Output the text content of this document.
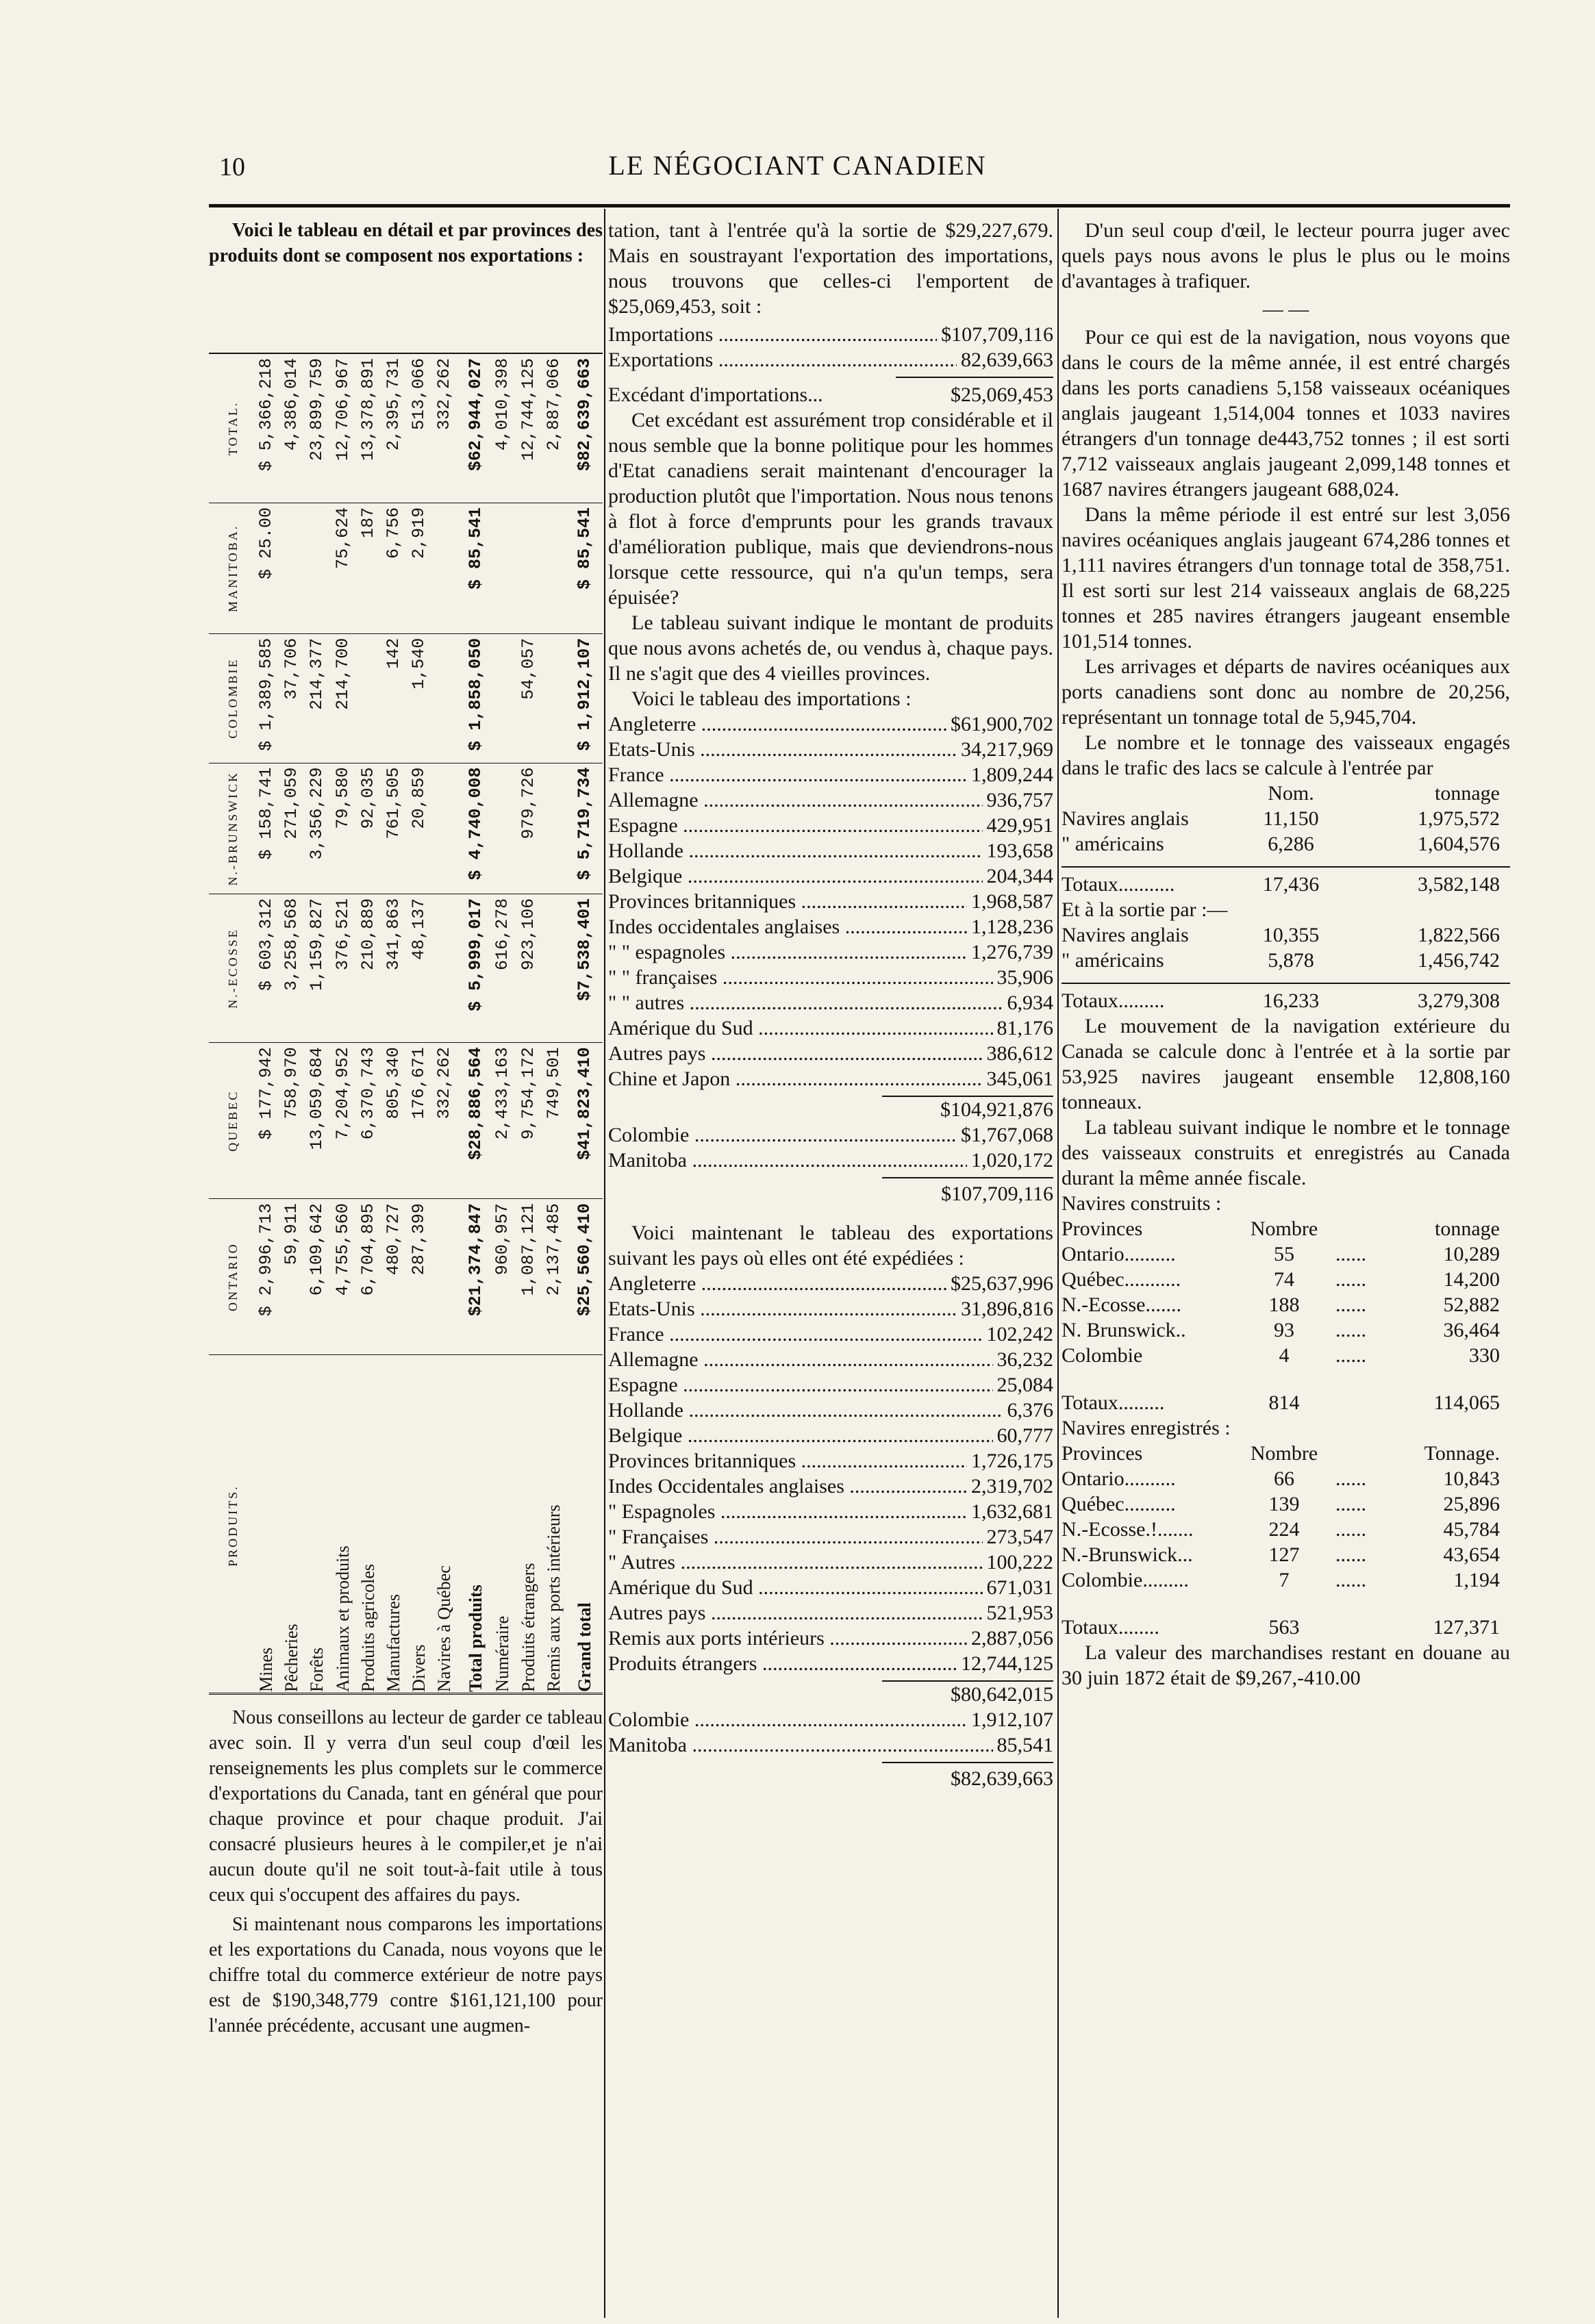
10	LE NÉGOCIANT CANADIEN

Voici le tableau en détail et par provinces des produits dont se composent nos exportations :

PRODUITS.	ONTARIO	QUEBEC	N.-ECOSSE	N.-BRUNSWICK	COLOMBIE	MANITOBA.	TOTAL.
Mines	$ 2,996,713	$ 177,942	$ 603,312	$ 158,741	$ 1,389,585	$ 25.00	$ 5,366,218
Pêcheries	59,911	758,970	3,258,568	271,059	37,706		4,386,014
Forêts	6,109,642	13,059,684	1,159,827	3,356,229	214,377		23,899,759
Animaux et produits	4,755,560	7,204,952	376,521	79,580	214,700	75,624	12,706,967
Produits agricoles	6,704,895	6,370,743	210,889	92,035		187	13,378,891
Manufactures	480,727	805,340	341,863	761,505	142	6,756	2,395,731
Divers	287,399	176,671	48,137	20,859	1,540	2,919	513,066
Navires à Québec		332,262					332,262
Total produits	$21,374,847	$28,886,564	$ 5,999,017	$ 4,740,008	$ 1,858,050	$ 85,541	$62,944,027
Numéraire	960,957	2,433,163	616,278				4,010,398
Produits étrangers	1,087,121	9,754,172	923,106	979,726	54,057		12,744,125
Remis aux ports intérieurs	2,137,485	749,501					2,887,066
Grand total	$25,560,410	$41,823,410	$7,538,401	$ 5,719,734	$ 1,912,107	$ 85,541	$82,639,663

Nous conseillons au lecteur de garder ce tableau avec soin. Il y verra d'un seul coup d'œil les renseignements les plus complets sur le commerce d'exportations du Canada, tant en général que pour chaque province et pour chaque produit. J'ai consacré plusieurs heures à le compiler,et je n'ai aucun doute qu'il ne soit tout-à-fait utile à tous ceux qui s'occupent des affaires du pays.

Si maintenant nous comparons les importations et les exportations du Canada, nous voyons que le chiffre total du commerce extérieur de notre pays est de $190,348,779 contre $161,121,100 pour l'année précédente, accusant une augmen-

tation, tant à l'entrée qu'à la sortie de $29,227,679. Mais en soustrayant l'exportation des importations, nous trouvons que celles-ci l'emportent de $25,069,453, soit :

Importations .....	$107,709,116
Exportations .....	82,639,663
Excédant d'importations...	$25,069,453

Cet excédant est assurément trop considérable et il nous semble que la bonne politique pour les hommes d'Etat canadiens serait maintenant d'encourager la production plutôt que l'importation. Nous nous tenons à flot à force d'emprunts pour les grands travaux d'amélioration publique, mais que deviendrons-nous lorsque cette ressource, qui n'a qu'un temps, sera épuisée?

Le tableau suivant indique le montant de produits que nous avons achetés de, ou vendus à, chaque pays. Il ne s'agit que des 4 vieilles provinces.

Voici le tableau des importations :

Angleterre .....	$61,900,702
Etats-Unis .....	34,217,969
France .....	1,809,244
Allemagne .....	936,757
Espagne .....	429,951
Hollande .....	193,658
Belgique .....	204,344
Provinces britanniques .....	1,968,587
Indes occidentales anglaises .....	1,128,236
" " espagnoles .....	1,276,739
" " françaises .....	35,906
" " autres .....	6,934
Amérique du Sud .....	81,176
Autres pays .....	386,612
Chine et Japon .....	345,061
$104,921,876
Colombie .....	$1,767,068
Manitoba .....	1,020,172
$107,709,116

Voici maintenant le tableau des exportations suivant les pays où elles ont été expédiées :

Angleterre .....	$25,637,996
Etats-Unis .....	31,896,816
France .....	102,242
Allemagne .....	36,232
Espagne .....	25,084
Hollande .....	6,376
Belgique .....	60,777
Provinces britanniques .....	1,726,175
Indes Occidentales anglaises .....	2,319,702
" Espagnoles .....	1,632,681
" Françaises .....	273,547
" Autres .....	100,222
Amérique du Sud .....	671,031
Autres pays .....	521,953
Remis aux ports intérieurs .....	2,887,056
Produits étrangers .....	12,744,125
$80,642,015
Colombie .....	1,912,107
Manitoba .....	85,541
$82,639,663

D'un seul coup d'œil, le lecteur pourra juger avec quels pays nous avons le plus le plus ou le moins d'avantages à trafiquer.

— —

Pour ce qui est de la navigation, nous voyons que dans le cours de la même année, il est entré chargés dans les ports canadiens 5,158 vaisseaux océaniques anglais jaugeant 1,514,004 tonnes et 1033 navires étrangers d'un tonnage de443,752 tonnes ; il est sorti 7,712 vaisseaux anglais jaugeant 2,099,148 tonnes et 1687 navires étrangers jaugeant 688,024.

Dans la même période il est entré sur lest 3,056 navires océaniques anglais jaugeant 674,286 tonnes et 1,111 navires étrangers d'un tonnage total de 358,751. Il est sorti sur lest 214 vaisseaux anglais de 68,225 tonnes et 285 navires étrangers jaugeant ensemble 101,514 tonnes.

Les arrivages et départs de navires océaniques aux ports canadiens sont donc au nombre de 20,256, représentant un tonnage total de 5,945,704.

Le nombre et le tonnage des vaisseaux engagés dans le trafic des lacs se calcule à l'entrée par

Nom.	tonnage
Navires anglais	11,150	1,975,572
" américains	6,286	1,604,576
Totaux...........	17,436	3,582,148
Et à la sortie par :—
Navires anglais	10,355	1,822,566
" américains	5,878	1,456,742
Totaux.........	16,233	3,279,308

Le mouvement de la navigation extérieure du Canada se calcule donc à l'entrée et à la sortie par 53,925 navires jaugeant ensemble 12,808,160 tonneaux.

La tableau suivant indique le nombre et le tonnage des vaisseaux construits et enregistrés au Canada durant la même année fiscale.

Navires construits :
Provinces	Nombre	tonnage
Ontario..........	55	......	10,289
Québec...........	74	......	14,200
N.-Ecosse.......	188	......	52,882
N. Brunswick..	93	......	36,464
Colombie	4	......	330
Totaux.........	814	114,065
Navires enregistrés :
Provinces	Nombre	Tonnage.
Ontario..........	66	......	10,843
Québec..........	139	......	25,896
N.-Ecosse.!.......	224	......	45,784
N.-Brunswick...	127	......	43,654
Colombie.........	7	......	1,194
Totaux........	563	127,371

La valeur des marchandises restant en douane au 30 juin 1872 était de $9,267,-410.00
